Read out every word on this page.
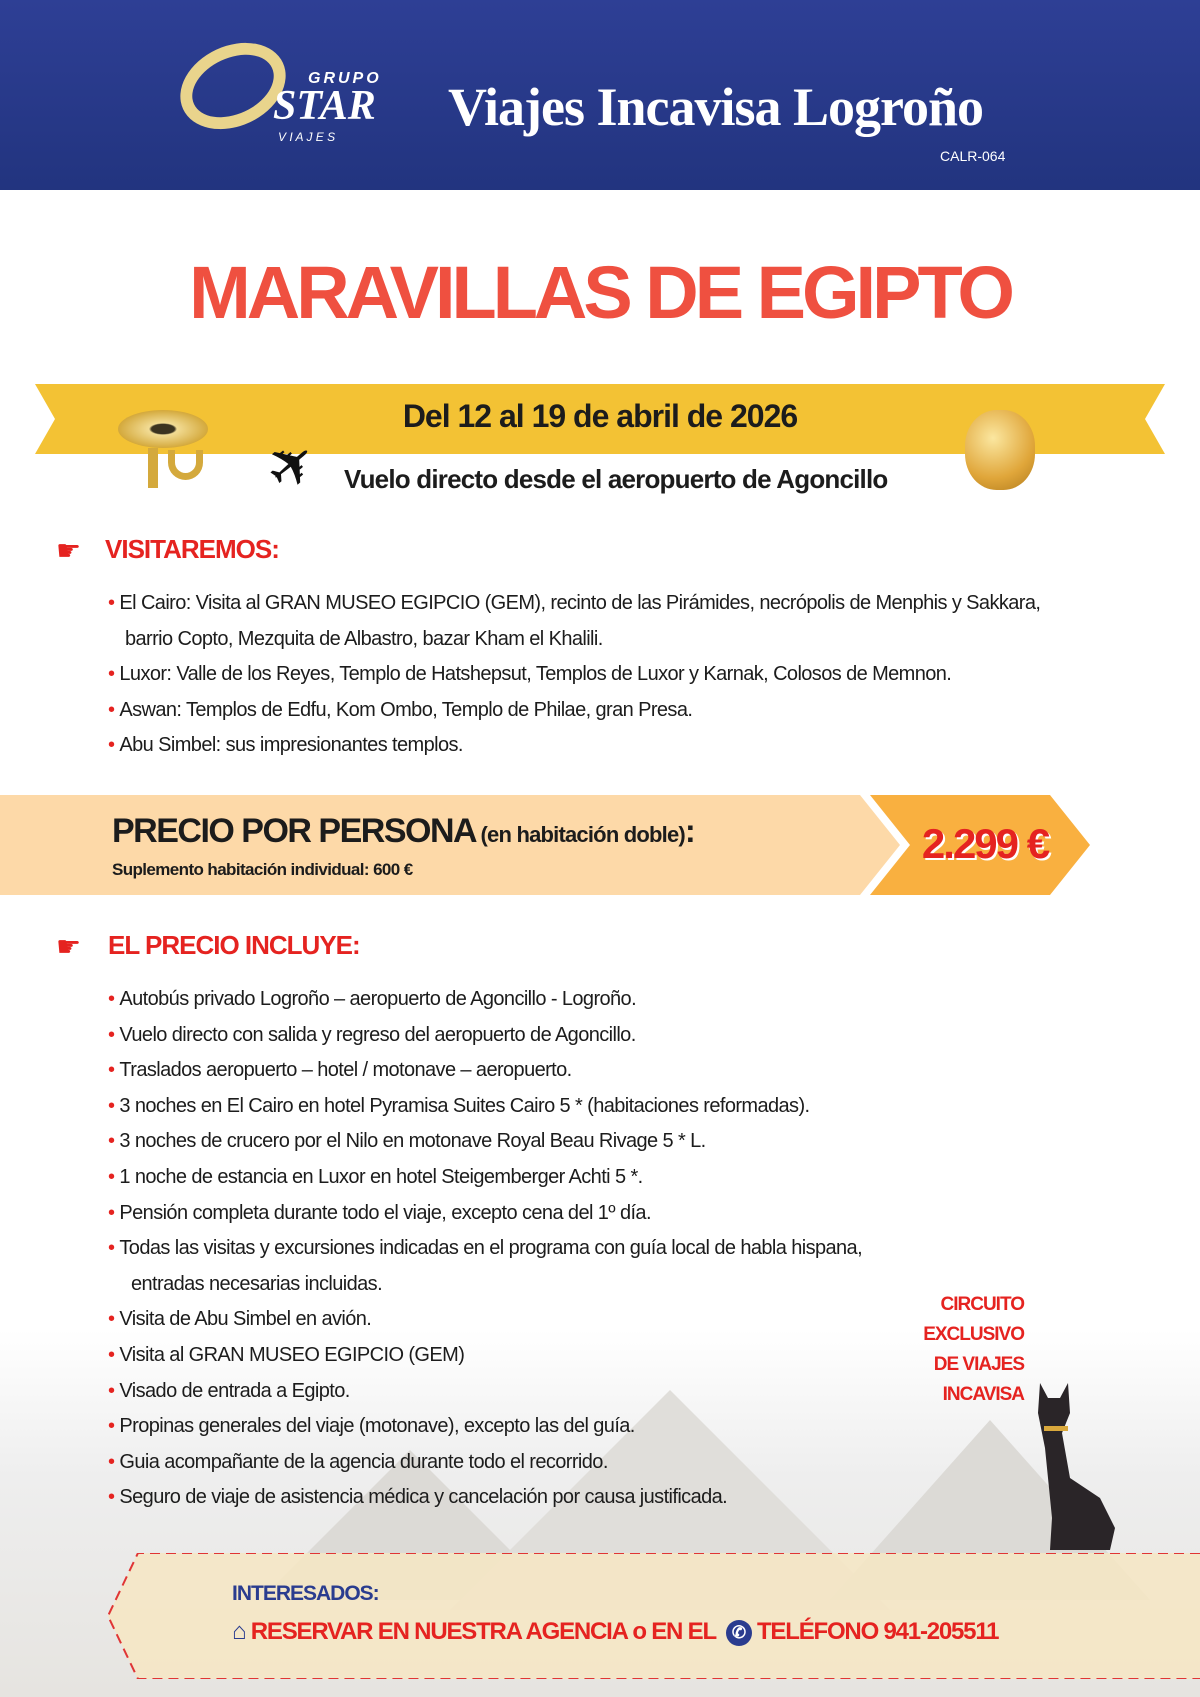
GRUPO
STAR
V I A J E S Viajes Incavisa Logroño
CALR-064
MARAVILLAS DE EGIPTO
Del 12 al 19 de abril de 2026
✈ Vuelo directo desde el aeropuerto de Agoncillo
☛ VISITAREMOS:
• El Cairo: Visita al GRAN MUSEO EGIPCIO (GEM), recinto de las Pirámides, necrópolis de Menphis y Sakkara,
barrio Copto, Mezquita de Albastro, bazar Kham el Khalili.
• Luxor: Valle de los Reyes, Templo de Hatshepsut, Templos de Luxor y Karnak, Colosos de Memnon.
• Aswan: Templos de Edfu, Kom Ombo, Templo de Philae, gran Presa.
• Abu Simbel: sus impresionantes templos.
PRECIO POR PERSONA (en habitación doble):
Suplemento habitación individual: 600 €
2.299 €
☛ EL PRECIO INCLUYE:
• Autobús privado Logroño – aeropuerto de Agoncillo - Logroño.
• Vuelo directo con salida y regreso del aeropuerto de Agoncillo.
• Traslados aeropuerto – hotel / motonave – aeropuerto.
• 3 noches en El Cairo en hotel Pyramisa Suites Cairo 5 * (habitaciones reformadas).
• 3 noches de crucero por el Nilo en motonave Royal Beau Rivage 5 * L.
• 1 noche de estancia en Luxor en hotel Steigemberger Achti 5 *.
• Pensión completa durante todo el viaje, excepto cena del 1º día.
• Todas las visitas y excursiones indicadas en el programa con guía local de habla hispana,
entradas necesarias incluidas.
• Visita de Abu Simbel en avión.
• Visita al GRAN MUSEO EGIPCIO (GEM)
• Visado de entrada a Egipto.
• Propinas generales del viaje (motonave), excepto las del guía.
• Guia acompañante de la agencia durante todo el recorrido.
• Seguro de viaje de asistencia médica y cancelación por causa justificada.
CIRCUITO
EXCLUSIVO
DE VIAJES
INCAVISA
INTERESADOS:
⌂ RESERVAR EN NUESTRA AGENCIA o EN EL ✆ TELÉFONO 941-205511
